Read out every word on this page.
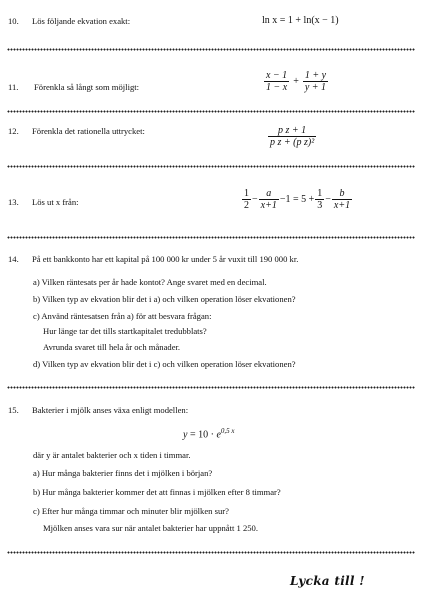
10. Lös följande ekvation exakt:	ln x = 1 + ln(x − 1)
11. Förenkla så långt som möjligt:	$\frac{x - 1}{1 - x} + \frac{1 + y}{y + 1}$
12. Förenkla det rationella uttrycket:	$\frac{\text{p z + 1}}{\text{p z + (p z)²}}$
13. Lös ut x från:	$\frac{1}{2} - \frac{a}{x+1} -1 = 5 + \frac{1}{3} - \frac{b}{x+1}$
14. På ett bankkonto har ett kapital på 100 000 kr under 5 år vuxit till 190 000 kr.
a) Vilken räntesats per år hade kontot? Ange svaret med en decimal.
b) Vilken typ av ekvation blir det i a) och vilken operation löser ekvationen?
c) Använd räntesatsen från a) för att besvara frågan:
Hur länge tar det tills startkapitalet tredubblats?
Avrunda svaret till hela år och månader.
d) Vilken typ av ekvation blir det i c) och vilken operation löser ekvationen?
15. Bakterier i mjölk anses växa enligt modellen:
$y = 10 \cdot e^{0,5 x}$
där y är antalet bakterier och x tiden i timmar.
a) Hur många bakterier finns det i mjölken i början?
b) Hur många bakterier kommer det att finnas i mjölken efter 8 timmar?
c) Efter hur många timmar och minuter blir mjölken sur?
Mjölken anses vara sur när antalet bakterier har uppnått 1 250.
Lycka till !
